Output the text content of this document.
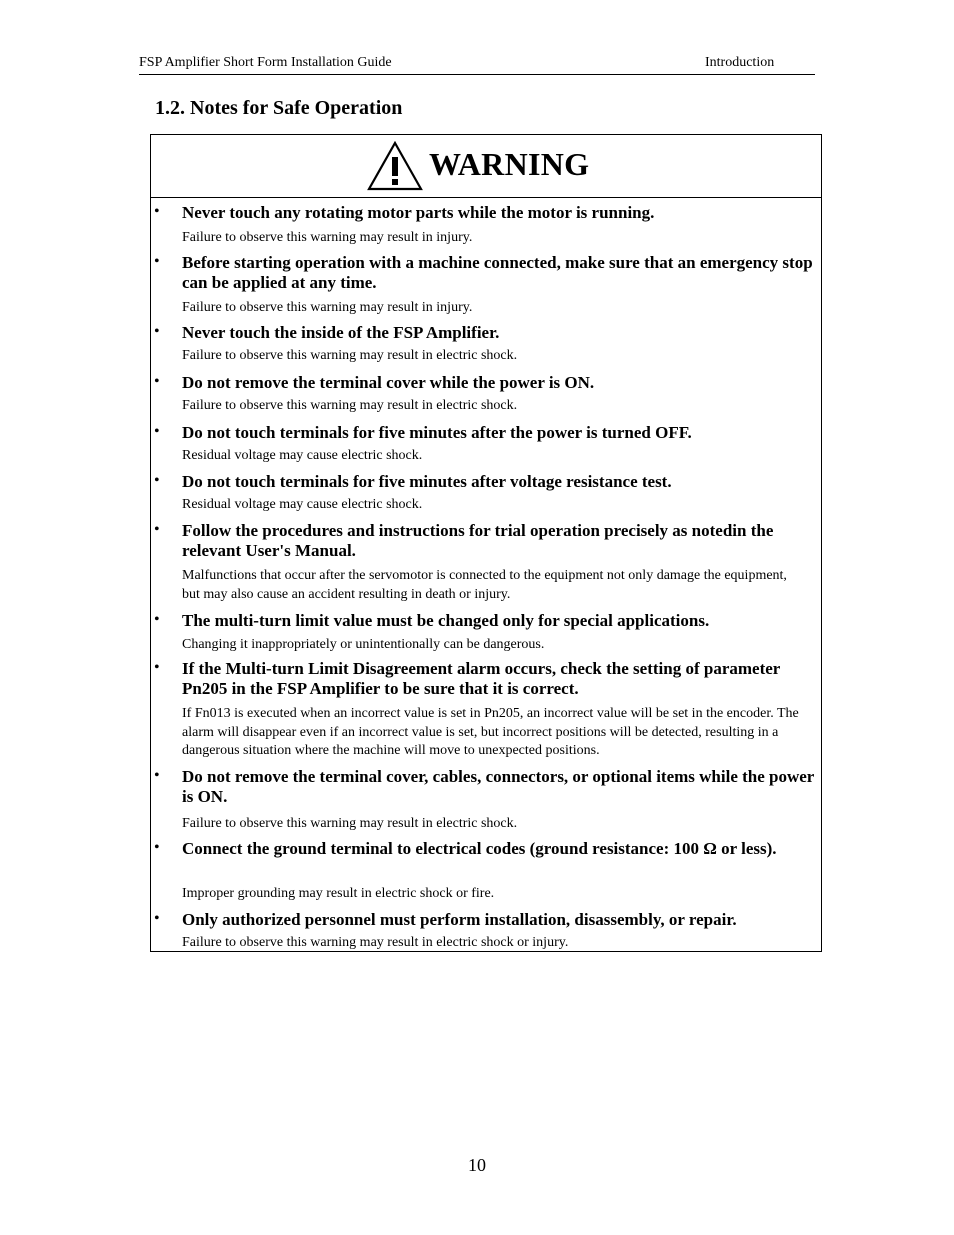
FSP Amplifier Short Form Installation Guide	Introduction
1.2. Notes for Safe Operation
WARNING
• Never touch any rotating motor parts while the motor is running.
Failure to observe this warning may result in injury.
• Before starting operation with a machine connected, make sure that an emergency stop can be applied at any time.
Failure to observe this warning may result in injury.
• Never touch the inside of the FSP Amplifier.
Failure to observe this warning may result in electric shock.
• Do not remove the terminal cover while the power is ON.
Failure to observe this warning may result in electric shock.
• Do not touch terminals for five minutes after the power is turned OFF.
Residual voltage may cause electric shock.
• Do not touch terminals for five minutes after voltage resistance test.
Residual voltage may cause electric shock.
• Follow the procedures and instructions for trial operation precisely as notedin the relevant User's Manual.
Malfunctions that occur after the servomotor is connected to the equipment not only damage the equipment, but may also cause an accident resulting in death or injury.
• The multi-turn limit value must be changed only for special applications.
Changing it inappropriately or unintentionally can be dangerous.
• If the Multi-turn Limit Disagreement alarm occurs, check the setting of parameter Pn205 in the FSP Amplifier to be sure that it is correct.
If Fn013 is executed when an incorrect value is set in Pn205, an incorrect value will be set in the encoder. The alarm will disappear even if an incorrect value is set, but incorrect positions will be detected, resulting in a dangerous situation where the machine will move to unexpected positions.
• Do not remove the terminal cover, cables, connectors, or optional items while the power is ON.
Failure to observe this warning may result in electric shock.
• Connect the ground terminal to electrical codes (ground resistance: 100 Ω or less).
Improper grounding may result in electric shock or fire.
• Only authorized personnel must perform installation, disassembly, or repair.
Failure to observe this warning may result in electric shock or injury.
10
